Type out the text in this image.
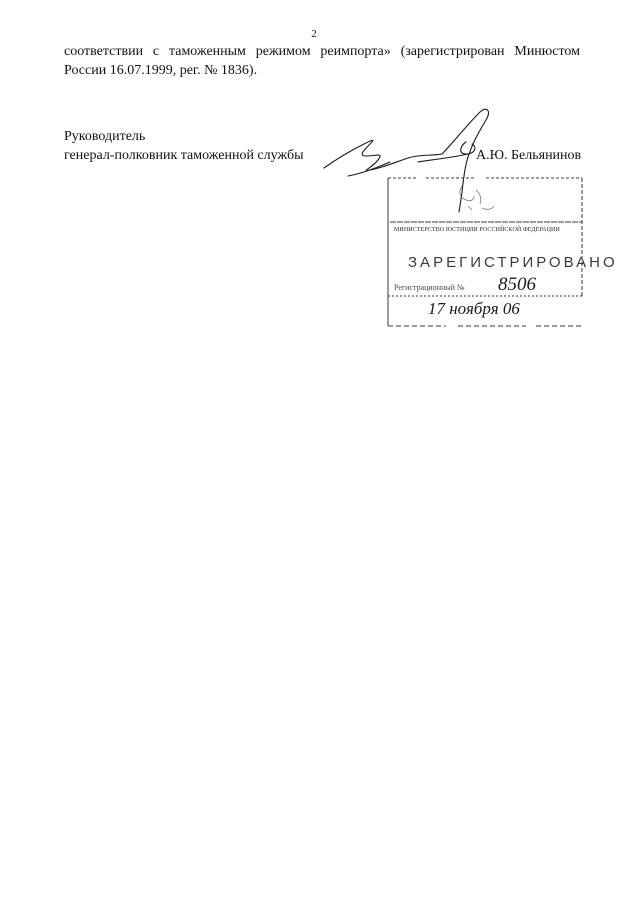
2
соответствии с таможенным режимом реимпорта» (зарегистрирован Минюстом
России 16.07.1999, рег. № 1836).
Руководитель
генерал-полковник таможенной службы	А.Ю. Бельянинов
МИНИСТЕРСТВО ЮСТИЦИИ РОССИЙСКОЙ ФЕДЕРАЦИИ
ЗАРЕГИСТРИРОВАНО
Регистрационный № 8506
17 ноября 06
